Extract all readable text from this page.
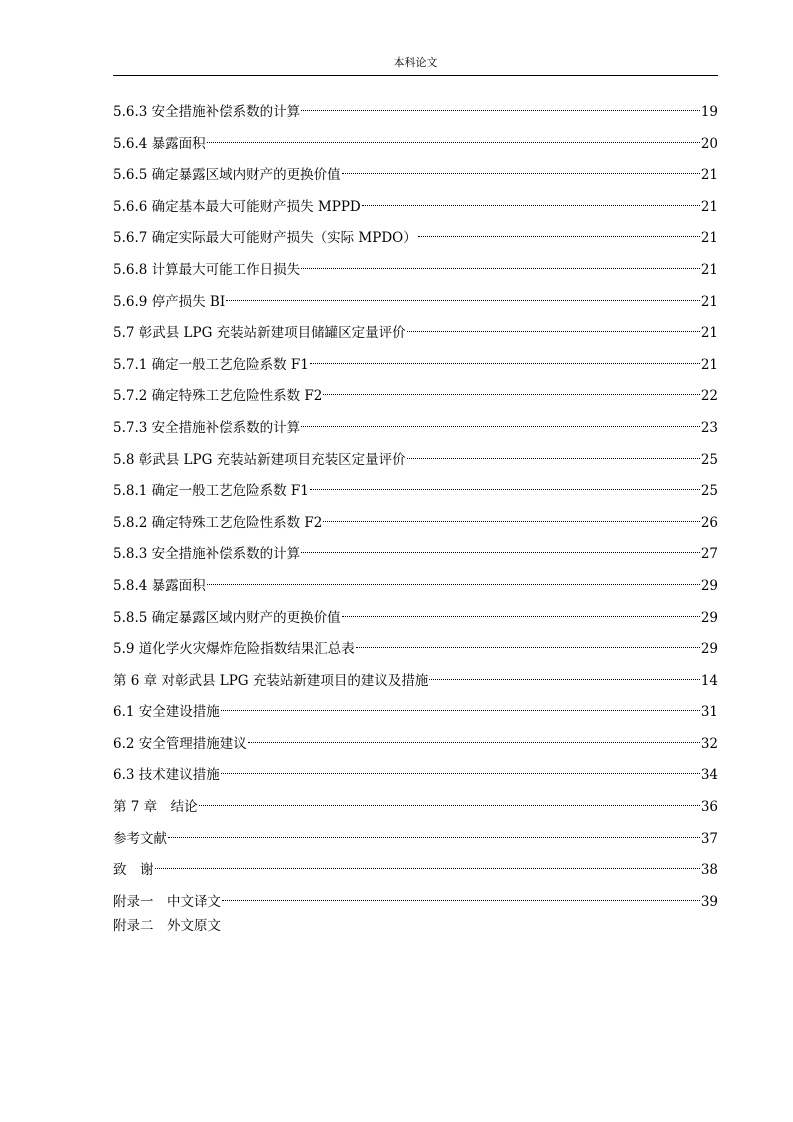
本科论文
5.6.3 安全措施补偿系数的计算	19
5.6.4 暴露面积	20
5.6.5 确定暴露区域内财产的更换价值	21
5.6.6 确定基本最大可能财产损失 MPPD	21
5.6.7 确定实际最大可能财产损失（实际 MPDO）	21
5.6.8 计算最大可能工作日损失	21
5.6.9 停产损失 BI	21
5.7 彰武县 LPG 充装站新建项目储罐区定量评价	21
5.7.1 确定一般工艺危险系数 F1	21
5.7.2 确定特殊工艺危险性系数 F2	22
5.7.3 安全措施补偿系数的计算	23
5.8 彰武县 LPG 充装站新建项目充装区定量评价	25
5.8.1 确定一般工艺危险系数 F1	25
5.8.2 确定特殊工艺危险性系数 F2	26
5.8.3 安全措施补偿系数的计算	27
5.8.4 暴露面积	29
5.8.5 确定暴露区域内财产的更换价值	29
5.9 道化学火灾爆炸危险指数结果汇总表	29
第 6 章 对彰武县 LPG 充装站新建项目的建议及措施	14
6.1 安全建设措施	31
6.2 安全管理措施建议	32
6.3 技术建议措施	34
第 7 章　结论	36
参考文献	37
致　谢	38
附录一　中文译文	39
附录二　外文原文
